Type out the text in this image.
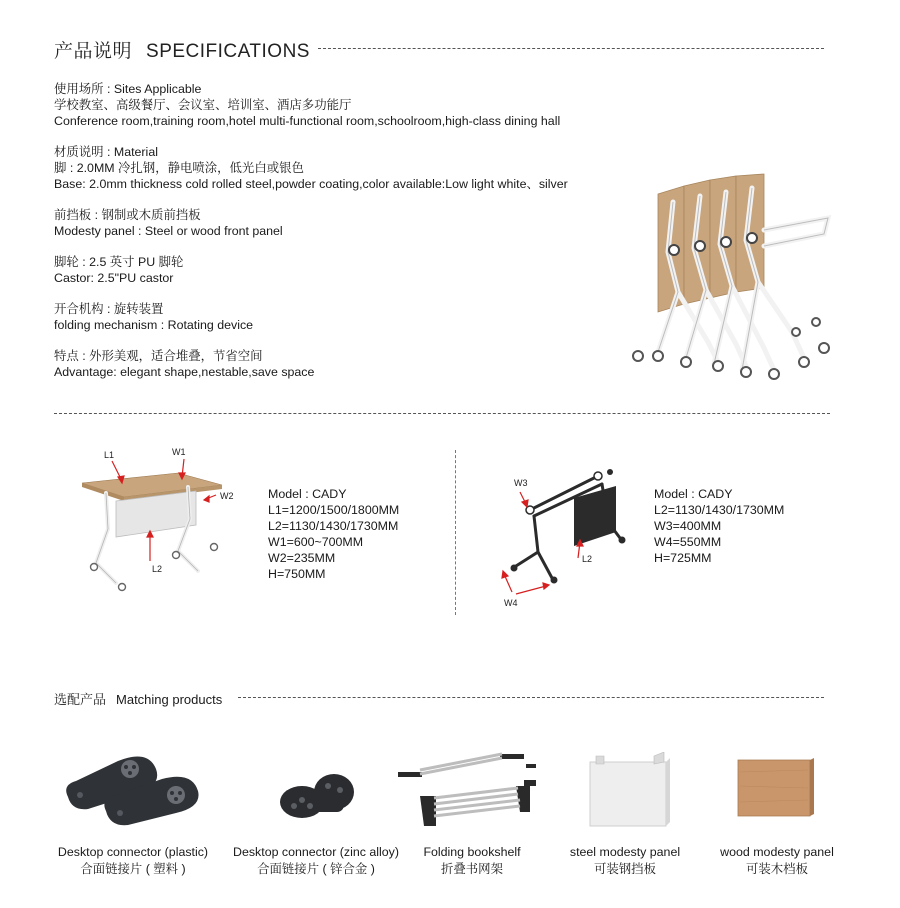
产品说明 SPECIFICATIONS
使用场所 : Sites Applicable
学校教室、高级餐厅、会议室、培训室、酒店多功能厅
Conference room,training room,hotel multi-functional room,schoolroom,high-class dining hall
材质说明 : Material
脚 : 2.0MM 冷扎钢，静电喷涂，低光白或银色
Base: 2.0mm thickness cold rolled steel,powder coating,color available:Low light white、silver
前挡板 : 钢制或木质前挡板
Modesty panel : Steel or wood front panel
脚轮 : 2.5 英寸 PU 脚轮
Castor: 2.5"PU castor
开合机构 : 旋转装置
folding mechanism : Rotating device
特点 : 外形美观，适合堆叠，节省空间
Advantage: elegant shape,nestable,save space
L1	W1
W2
L2
Model : CADY
L1=1200/1500/1800MM
L2=1130/1430/1730MM
W1=600~700MM
W2=235MM
H=750MM
W3
L2
W4
Model : CADY
L2=1130/1430/1730MM
W3=400MM
W4=550MM
H=725MM
选配产品 Matching products
Desktop connector (plastic)
合面链接片 ( 塑料 )
Desktop connector (zinc alloy)
合面链接片 ( 锌合金 )
Folding bookshelf
折叠书网架
steel modesty panel
可装钢挡板
wood modesty panel
可装木档板
